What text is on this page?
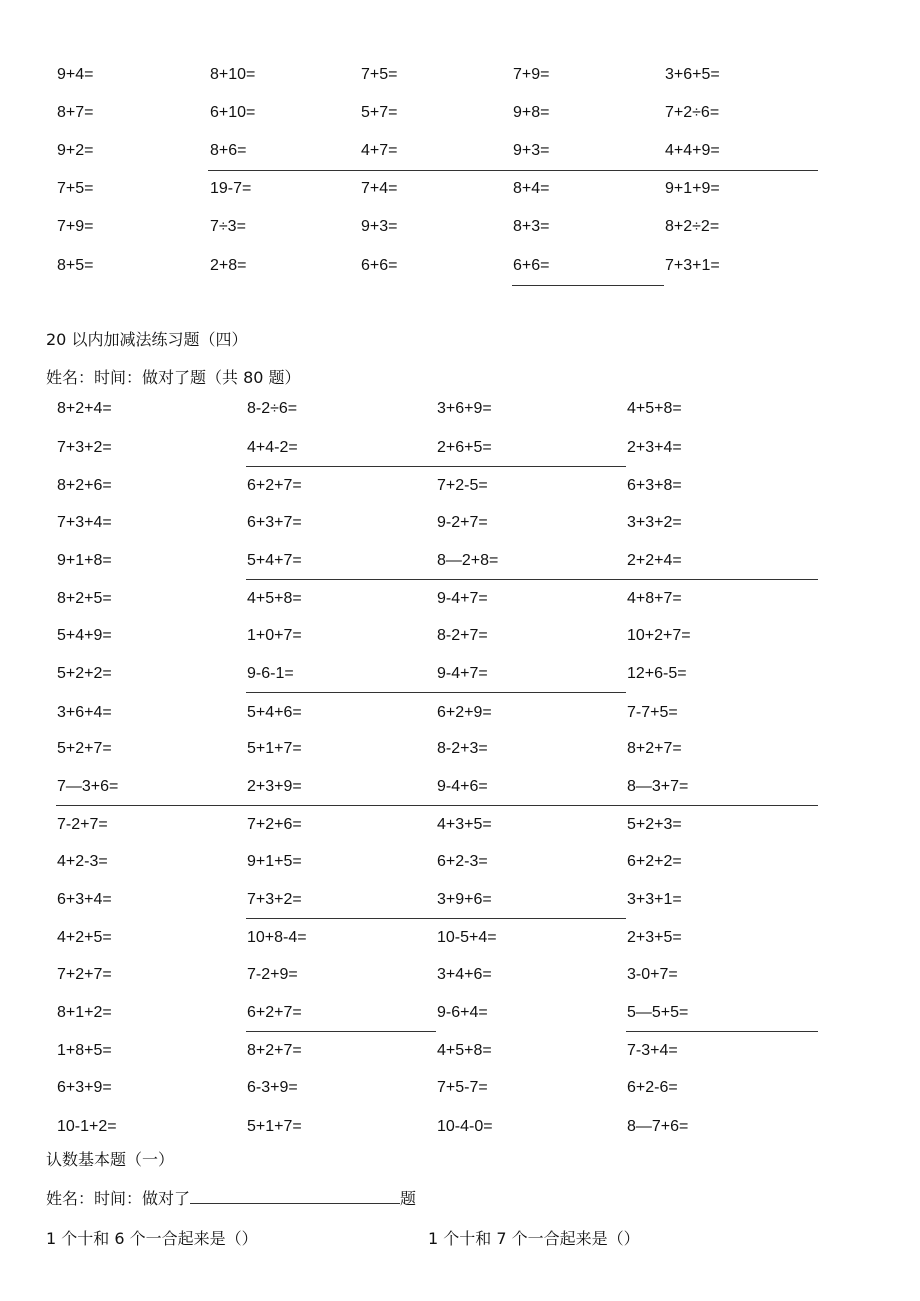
9+4=	8+10=	7+5=	7+9=	3+6+5=
8+7=	6+10=	5+7=	9+8=	7+2÷6=
9+2=	8+6=	4+7=	9+3=	4+4+9=
7+5=	19-7=	7+4=	8+4=	9+1+9=
7+9=	7÷3=	9+3=	8+3=	8+2÷2=
8+5=	2+8=	6+6=	6+6=	7+3+1=
20 以内加减法练习题（四）
姓名：时间：做对了题（共 80 题）
8+2+4=	8-2÷6=	3+6+9=	4+5+8=
7+3+2=	4+4-2=	2+6+5=	2+3+4=
8+2+6=	6+2+7=	7+2-5=	6+3+8=
7+3+4=	6+3+7=	9-2+7=	3+3+2=
9+1+8=	5+4+7=	8—2+8=	2+2+4=
8+2+5=	4+5+8=	9-4+7=	4+8+7=
5+4+9=	1+0+7=	8-2+7=	10+2+7=
5+2+2=	9-6-1=	9-4+7=	12+6-5=
3+6+4=	5+4+6=	6+2+9=	7-7+5=
5+2+7=	5+1+7=	8-2+3=	8+2+7=
7—3+6=	2+3+9=	9-4+6=	8—3+7=
7-2+7=	7+2+6=	4+3+5=	5+2+3=
4+2-3=	9+1+5=	6+2-3=	6+2+2=
6+3+4=	7+3+2=	3+9+6=	3+3+1=
4+2+5=	10+8-4=	10-5+4=	2+3+5=
7+2+7=	7-2+9=	3+4+6=	3-0+7=
8+1+2=	6+2+7=	9-6+4=	5—5+5=
1+8+5=	8+2+7=	4+5+8=	7-3+4=
6+3+9=	6-3+9=	7+5-7=	6+2-6=
10-1+2=	5+1+7=	10-4-0=	8—7+6=
认数基本题（一）
姓名：时间：做对了	题
1 个十和 6 个一合起来是（）	1 个十和 7 个一合起来是（）
